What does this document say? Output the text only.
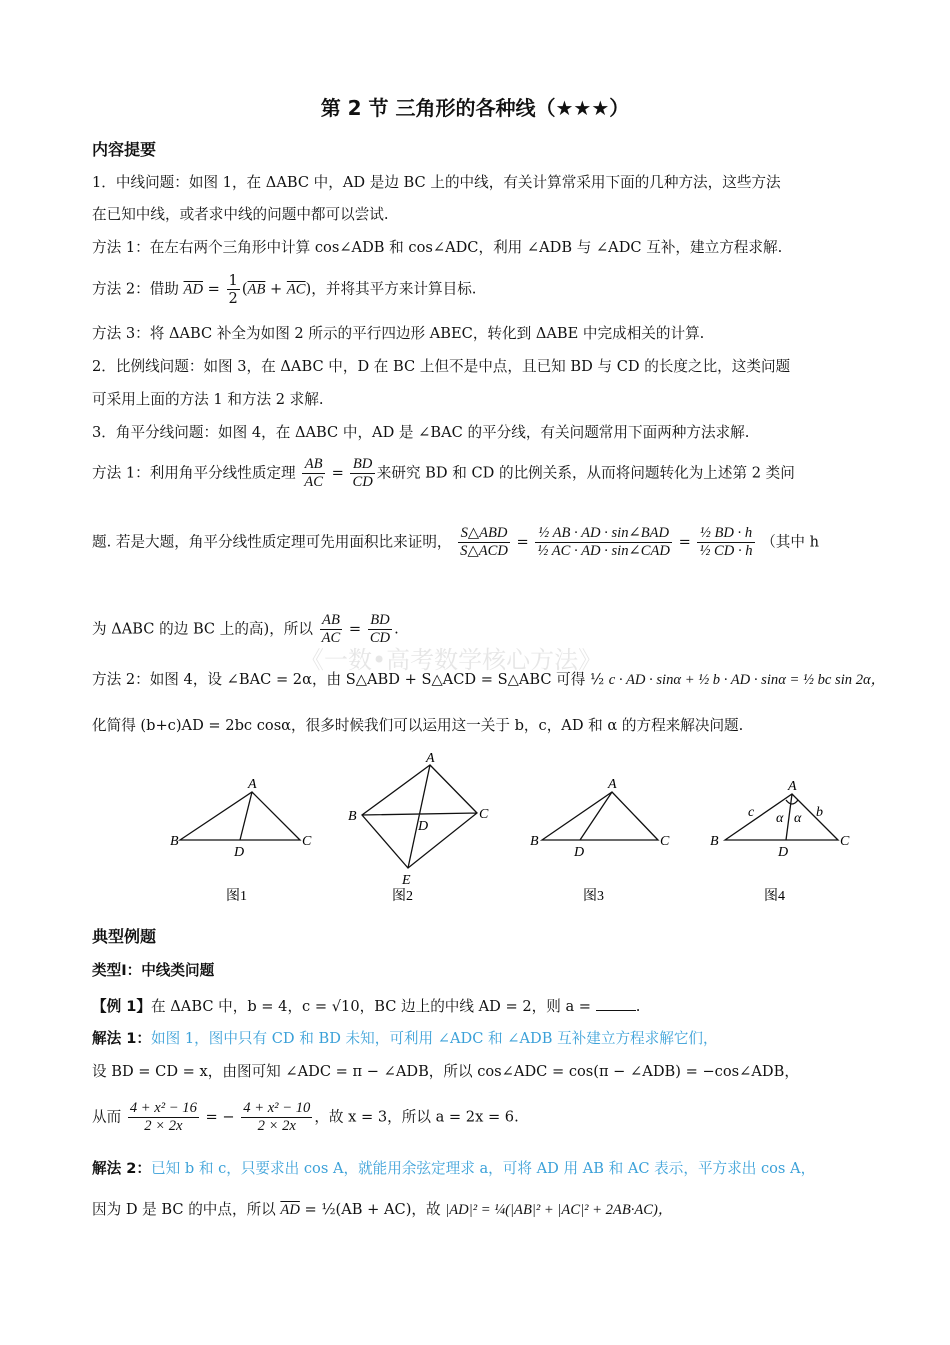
第 2 节 三角形的各种线（★★★）
《一数•高考数学核心方法》
内容提要
1．中线问题：如图 1，在 ΔABC 中，AD 是边 BC 上的中线，有关计算常采用下面的几种方法，这些方法
在已知中线，或者求中线的问题中都可以尝试.
方法 1：在左右两个三角形中计算 cos∠ADB 和 cos∠ADC，利用 ∠ADB 与 ∠ADC 互补，建立方程求解.
方法 2：借助 $\overline{AD} = \frac{1}{2} (\overline{AB} + \overline{AC})$，并将其平方来计算目标.
方法 3：将 ΔABC 补全为如图 2 所示的平行四边形 ABEC，转化到 ΔABE 中完成相关的计算.
2．比例线问题：如图 3，在 ΔABC 中，D 在 BC 上但不是中点，且已知 BD 与 CD 的长度之比，这类问题
可采用上面的方法 1 和方法 2 求解.
3．角平分线问题：如图 4，在 ΔABC 中，AD 是 ∠BAC 的平分线，有关问题常用下面两种方法求解.
方法 1：利用角平分线性质定理 $\frac{AB}{AC} = \frac{BD}{CD}$ 来研究 BD 和 CD 的比例关系，从而将问题转化为上述第 2 类问
题. 若是大题，角平分线性质定理可先用面积比来证明， $\frac{\text{S△ABD}}{\text{S△ACD}} = \frac{\text{½ AB · AD · sin∠BAD}}{\text{½ AC · AD · sin∠CAD}} = \frac{\text{½ BD · h}}{\text{½ CD · h}}$ （其中 h
为 ΔABC 的边 BC 上的高)，所以 $\frac{AB}{AC} = \frac{BD}{CD}$ .
方法 2：如图 4，设 ∠BAC = 2α，由 S△ABD + S△ACD = S△ABC 可得 ½ c · AD · sinα + ½ b · AD · sinα = ½ bc sin 2α，
化简得 (b+c)AD = 2bc cosα，很多时候我们可以运用这一关于 b，c，AD 和 α 的方程来解决问题.
A
B	C
D
A
B	C
D
E
A
B	C
D
A
B	C
D
c	b
α α
图1	图2	图3	图4
典型例题
类型Ⅰ：中线类问题
【例 1】在 ΔABC 中，b = 4，c = √10，BC 边上的中线 AD = 2，则 a =	.
解法 1：如图 1，图中只有 CD 和 BD 未知，可利用 ∠ADC 和 ∠ADB 互补建立方程求解它们，
设 BD = CD = x，由图可知 ∠ADC = π − ∠ADB，所以 cos∠ADC = cos(π − ∠ADB) = −cos∠ADB，
从而 $\frac{\text{4 + x² − 16}}{2 \times 2x}$ = − $\frac{\text{4 + x² − 10}}{2 \times 2x}$ ，故 x = 3，所以 a = 2x = 6.
解法 2：已知 b 和 c，只要求出 cos A，就能用余弦定理求 a，可将 AD 用 AB 和 AC 表示，平方求出 cos A，
因为 D 是 BC 的中点，所以 $\overline{AD}$ = ½(AB + AC)，故 |AD|² = ¼(|AB|² + |AC|² + 2AB·AC)，
